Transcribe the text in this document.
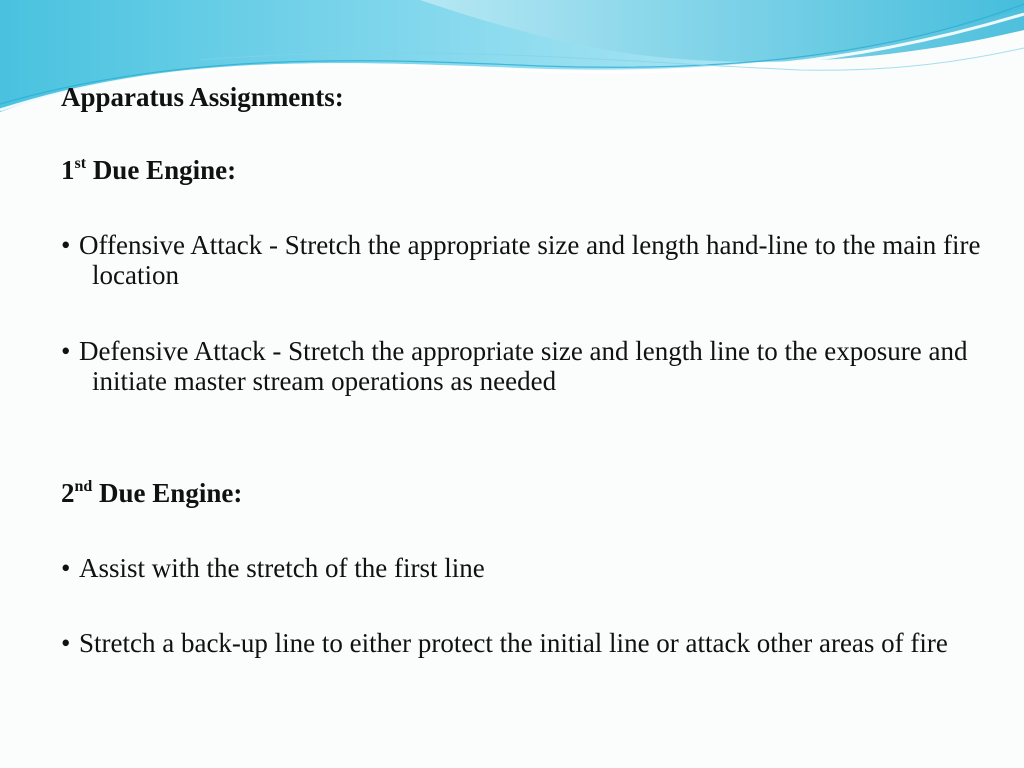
Apparatus Assignments:

1st Due Engine:

• Offensive Attack - Stretch the appropriate size and length hand-line to the main fire location

• Defensive Attack - Stretch the appropriate size and length line to the exposure and initiate master stream operations as needed

2nd Due Engine:

• Assist with the stretch of the first line

• Stretch a back-up line to either protect the initial line or attack other areas of fire
